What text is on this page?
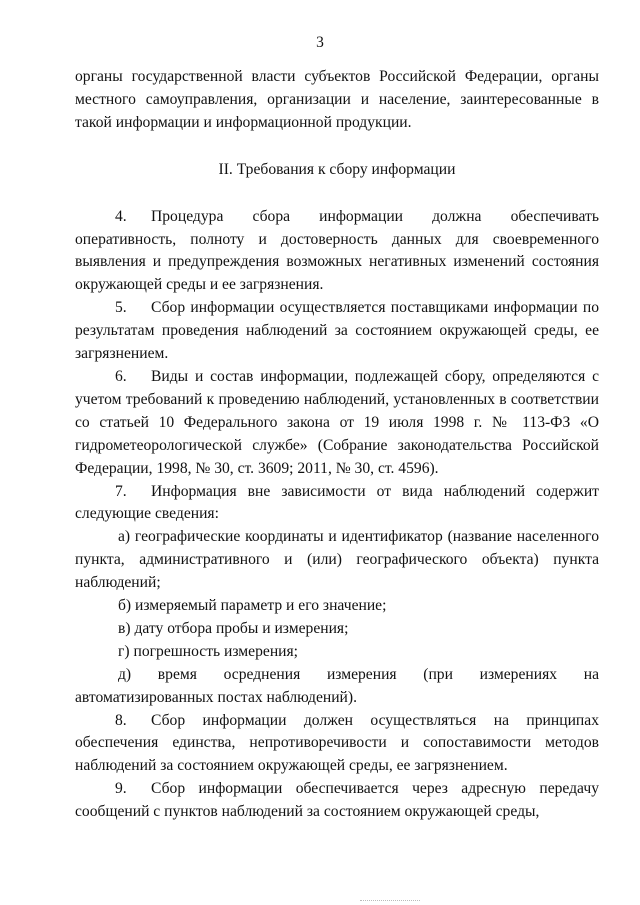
3

органы государственной власти субъектов Российской Федерации, органы местного самоуправления, организации и население, заинтересованные в такой информации и информационной продукции.

II. Требования к сбору информации

4. Процедура сбора информации должна обеспечивать оперативность, полноту и достоверность данных для своевременного выявления и предупреждения возможных негативных изменений состояния окружающей среды и ее загрязнения.

5. Сбор информации осуществляется поставщиками информации по результатам проведения наблюдений за состоянием окружающей среды, ее загрязнением.

6. Виды и состав информации, подлежащей сбору, определяются с учетом требований к проведению наблюдений, установленных в соответствии со статьей 10 Федерального закона от 19 июля 1998 г. № 113-ФЗ «О гидрометеорологической службе» (Собрание законодательства Российской Федерации, 1998, № 30, ст. 3609; 2011, № 30, ст. 4596).

7. Информация вне зависимости от вида наблюдений содержит следующие сведения:

а) географические координаты и идентификатор (название населенного пункта, административного и (или) географического объекта) пункта наблюдений;

б) измеряемый параметр и его значение;

в) дату отбора пробы и измерения;

г) погрешность измерения;

д) время осреднения измерения (при измерениях на автоматизированных постах наблюдений).

8. Сбор информации должен осуществляться на принципах обеспечения единства, непротиворечивости и сопоставимости методов наблюдений за состоянием окружающей среды, ее загрязнением.

9. Сбор информации обеспечивается через адресную передачу сообщений с пунктов наблюдений за состоянием окружающей среды,
